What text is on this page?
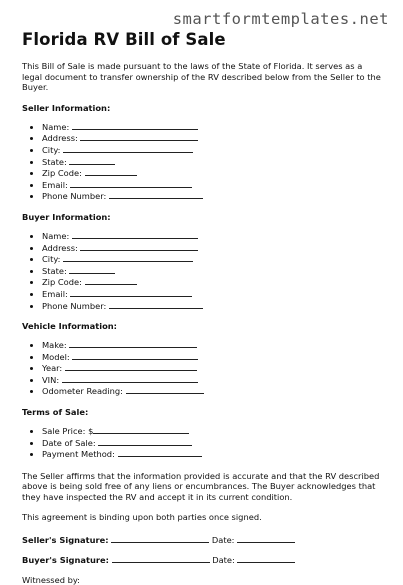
smartformtemplates.net
Florida RV Bill of Sale

This Bill of Sale is made pursuant to the laws of the State of Florida. It serves as a legal document to transfer ownership of the RV described below from the Seller to the Buyer.

Seller Information:
• Name:
• Address:
• City:
• State:
• Zip Code:
• Email:
• Phone Number:
Buyer Information:
• Name:
• Address:
• City:
• State:
• Zip Code:
• Email:
• Phone Number:
Vehicle Information:
• Make:
• Model:
• Year:
• VIN:
• Odometer Reading:
Terms of Sale:
• Sale Price: $
• Date of Sale:
• Payment Method:

The Seller affirms that the information provided is accurate and that the RV described above is being sold free of any liens or encumbrances. The Buyer acknowledges that they have inspected the RV and accept it in its current condition.

This agreement is binding upon both parties once signed.

Seller's Signature:	Date:
Buyer's Signature:	Date:
Witnessed by:
